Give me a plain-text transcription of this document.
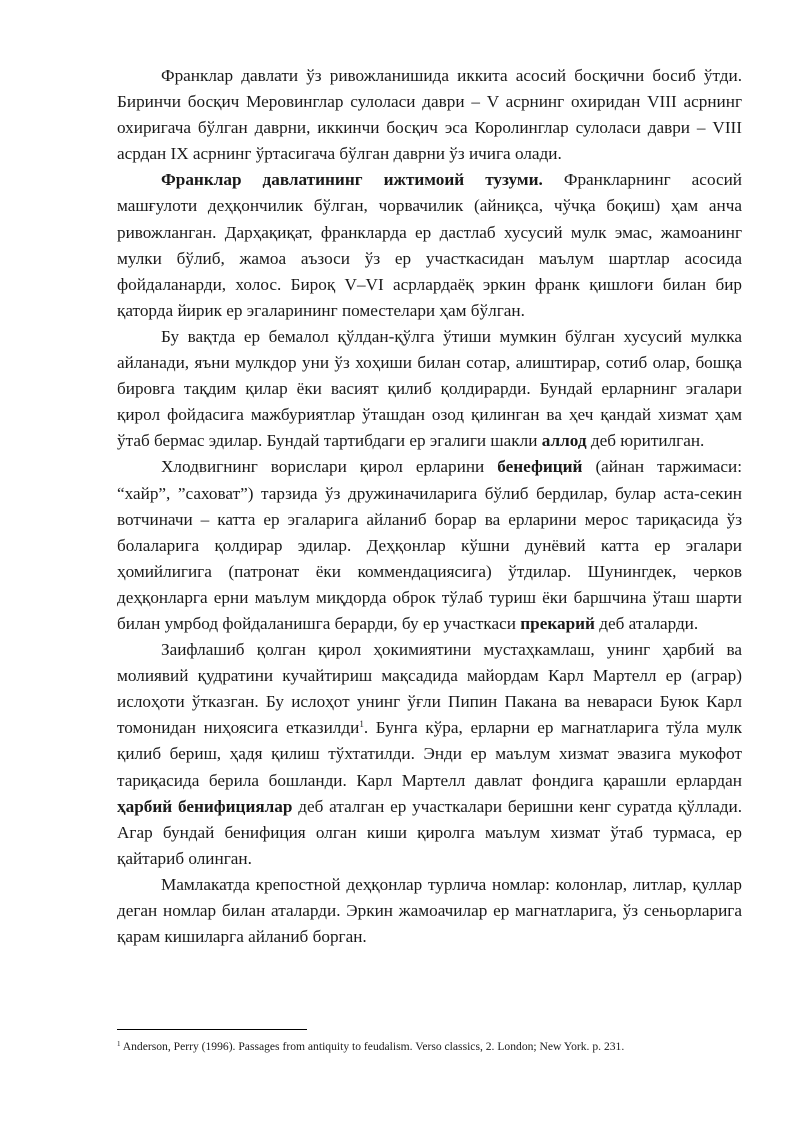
Франклар давлати ўз ривожланишида иккита асосий босқични босиб ўтди. Биринчи босқич Меровинглар сулоласи даври – V асрнинг охиридан VIII асрнинг охиригача бўлган даврни, иккинчи босқич эса Королинглар сулоласи даври – VIII асрдан IX асрнинг ўртасигача бўлган даврни ўз ичига олади.

Франклар давлатининг ижтимоий тузуми. Франкларнинг асосий машғулоти деҳқончилик бўлган, чорвачилик (айниқса, чўчқа боқиш) ҳам анча ривожланган. Дарҳақиқат, франкларда ер дастлаб хусусий мулк эмас, жамоанинг мулки бўлиб, жамоа аъзоси ўз ер участкасидан маълум шартлар асосида фойдаланарди, холос. Бироқ V–VI асрлардаёқ эркин франк қишлоғи билан бир қаторда йирик ер эгаларининг поместелари ҳам бўлган.

Бу вақтда ер бемалол қўлдан-қўлга ўтиши мумкин бўлган хусусий мулкка айланади, яъни мулкдор уни ўз хоҳиши билан сотар, алиштирар, сотиб олар, бошқа бировга тақдим қилар ёки васият қилиб қолдирарди. Бундай ерларнинг эгалари қирол фойдасига мажбуриятлар ўташдан озод қилинган ва ҳеч қандай хизмат ҳам ўтаб бермас эдилар. Бундай тартибдаги ер эгалиги шакли аллод деб юритилган.

Хлодвигнинг ворислари қирол ерларини бенефиций (айнан таржимаси: “хайр”, ”саховат”) тарзида ўз дружиначиларига бўлиб бердилар, булар аста-секин вотчиначи – катта ер эгаларига айланиб борар ва ерларини мерос тариқасида ўз болаларига қолдирар эдилар. Деҳқонлар кўшни дунёвий катта ер эгалари ҳомийлигига (патронат ёки коммендациясига) ўтдилар. Шунингдек, черков деҳқонларга ерни маълум миқдорда оброк тўлаб туриш ёки баршчина ўташ шарти билан умрбод фойдаланишга берарди, бу ер участкаси прекарий деб аталарди.

Заифлашиб қолган қирол ҳокимиятини мустаҳкамлаш, унинг ҳарбий ва молиявий қудратини кучайтириш мақсадида майордам Карл Мартелл ер (аграр) ислоҳоти ўтказган. Бу ислоҳот унинг ўғли Пипин Пакана ва невараси Буюк Карл томонидан ниҳоясига етказилди$^1$. Бунга кўра, ерларни ер магнатларига тўла мулк қилиб бериш, ҳадя қилиш тўхтатилди. Энди ер маълум хизмат эвазига мукофот тариқасида берила бошланди. Карл Мартелл давлат фондига қарашли ерлардан ҳарбий бенифициялар деб аталган ер участкалари беришни кенг суратда қўллади. Агар бундай бенифиция олган киши қиролга маълум хизмат ўтаб турмаса, ер қайтариб олинган.

Мамлакатда крепостной деҳқонлар турлича номлар: колонлар, литлар, қуллар деган номлар билан аталарди. Эркин жамоачилар ер магнатларига, ўз сеньорларига қарам кишиларга айланиб борган.

$^1$ Anderson, Perry (1996). Passages from antiquity to feudalism. Verso classics, 2. London; New York. p. 231.
